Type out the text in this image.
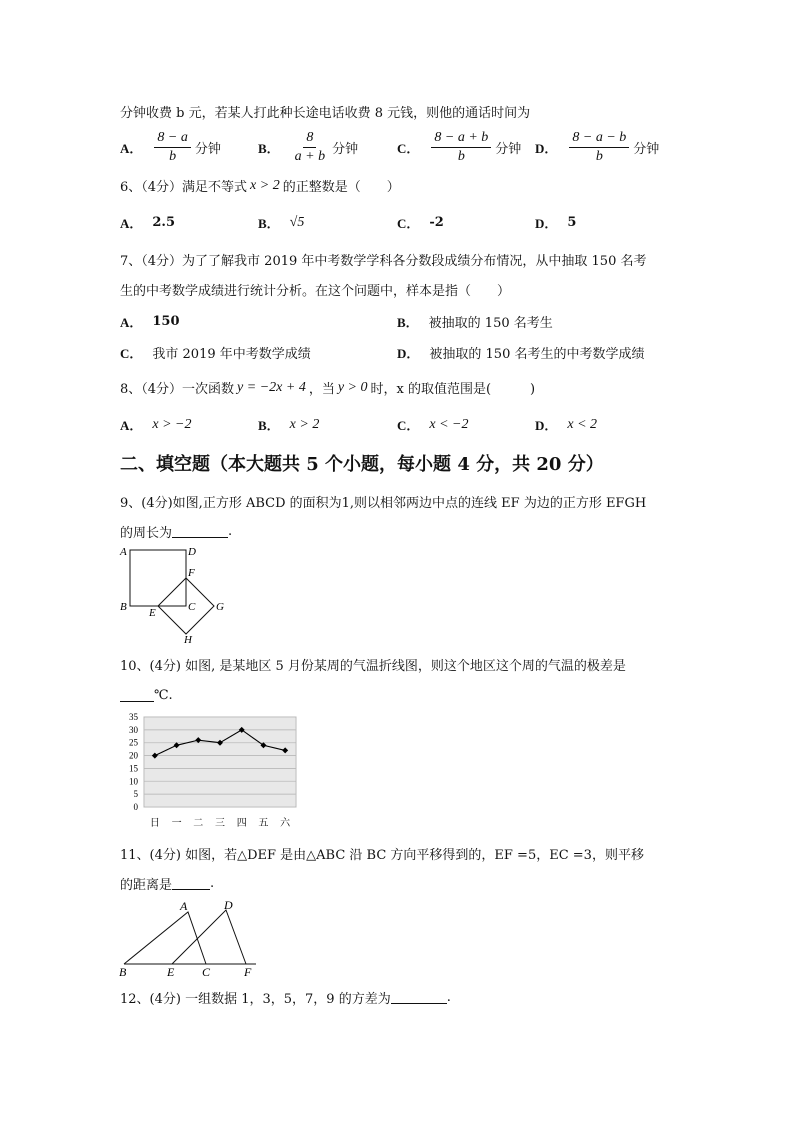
分钟收费 b 元，若某人打此种长途电话收费 8 元钱，则他的通话时间为
A． $\frac{8 - a}{b}$ 分钟	B． $\frac{8}{a + b}$ 分钟	C． $\frac{8 - a + b}{b}$ 分钟 D． $\frac{8 - a - b}{b}$ 分钟
6、（4分）满足不等式 x > 2 的正整数是（　　）
A． 2.5	B． √5	C． -2	D． 5
7、（4分）为了了解我市 2019 年中考数学学科各分数段成绩分布情况，从中抽取 150 名考
生的中考数学成绩进行统计分析。在这个问题中，样本是指（　　）
A． 150	B． 被抽取的 150 名考生
C． 我市 2019 年中考数学成绩	D． 被抽取的 150 名考生的中考数学成绩
8、（4分）一次函数 y = −2x + 4 ，当 y > 0 时，x 的取值范围是(　　　)
A． x > −2	B． x > 2	C． x < −2	D． x < 2
二、填空题（本大题共 5 个小题，每小题 4 分，共 20 分）
9、(4分)如图,正方形 ABCD 的面积为1,则以相邻两边中点的连线 EF 为边的正方形 EFGH
的周长为	.
A	D
F
B	C
E	G
H
10、(4分) 如图, 是某地区 5 月份某周的气温折线图，则这个地区这个周的气温的极差是
℃.
0
5
10
15
20
25
30
35
日 一 二 三 四 五 六
11、(4分) 如图，若△DEF 是由△ABC 沿 BC 方向平移得到的，EF =5，EC =3，则平移
的距离是	.
A	D
B	E C	F
12、(4分) 一组数据 1，3，5，7，9 的方差为	.
